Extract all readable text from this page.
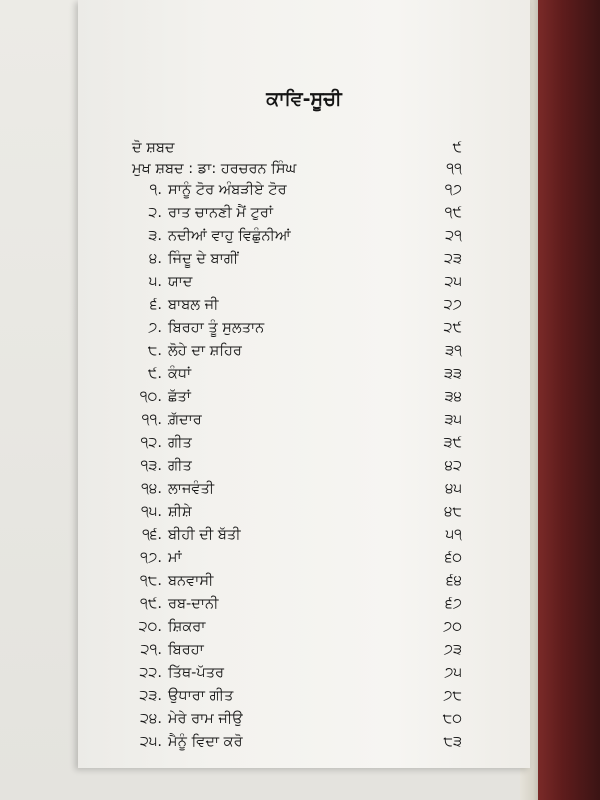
ਕਾਵਿ-ਸੂਚੀ
ਦੋ ਸ਼ਬਦ	੯
ਮੁਖ ਸ਼ਬਦ : ਡਾ: ਹਰਚਰਨ ਸਿੰਘ	੧੧
੧. ਸਾਨੂੰ ਟੋਰ ਅੰਬੜੀਏ ਟੋਰ	੧੭
੨. ਰਾਤ ਚਾਨਣੀ ਮੈਂ ਟੁਰਾਂ	੧੯
੩. ਨਦੀਆਂ ਵਾਹੁ ਵਿਛੁੰਨੀਆਂ	੨੧
੪. ਜਿੰਦੂ ਦੇ ਬਾਗੀਂ	੨੩
੫. ਯਾਦ	੨੫
੬. ਬਾਬਲ ਜੀ	੨੭
੭. ਬਿਰਹਾ ਤੂੰ ਸੁਲਤਾਨ	੨੯
੮. ਲੋਹੇ ਦਾ ਸ਼ਹਿਰ	੩੧
੯. ਕੰਧਾਂ	੩੩
੧੦. ਛੱਤਾਂ	੩੪
੧੧. ਗ਼ੱਦਾਰ	੩੫
੧੨. ਗੀਤ	੩੯
੧੩. ਗੀਤ	੪੨
੧੪. ਲਾਜਵੰਤੀ	੪੫
੧੫. ਸ਼ੀਸ਼ੇ	੪੮
੧੬. ਬੀਹੀ ਦੀ ਬੱਤੀ	੫੧
੧੭. ਮਾਂ	੬੦
੧੮. ਬਨਵਾਸੀ	੬੪
੧੯. ਰਬ-ਦਾਨੀ	੬੭
੨੦. ਸ਼ਿਕਰਾ	੭੦
੨੧. ਬਿਰਹਾ	੭੩
੨੨. ਤਿੱਥ-ਪੱਤਰ	੭੫
੨੩. ਉਧਾਰਾ ਗੀਤ	੭੮
੨੪. ਮੇਰੇ ਰਾਮ ਜੀਉ	੮੦
੨੫. ਮੈਨੂੰ ਵਿਦਾ ਕਰੋ	੮੩
